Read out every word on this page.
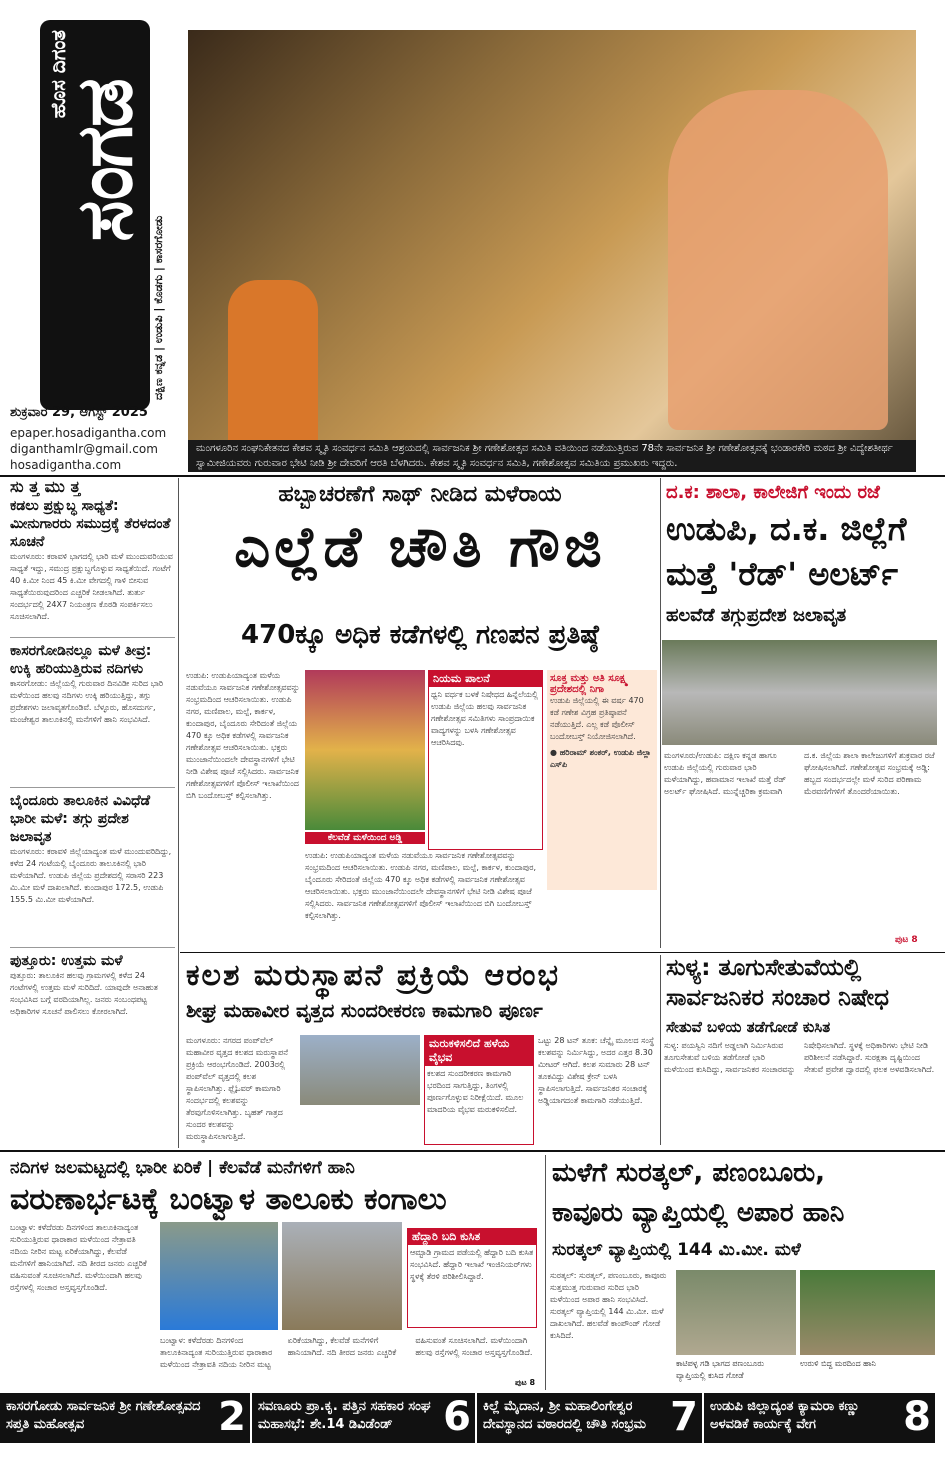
ಹೊಸ ದಿಗಂತ
ಸಂಗಡ
ದಕ್ಷಿಣ ಕನ್ನಡ | ಉಡುಪಿ | ಕೊಡಗು | ಕಾಸರಗೋಡು
ಶುಕ್ರವಾರ 29, ಆಗಸ್ಟ್ 2025
epaper.hosadigantha.com
diganthamlr@gmail.com
hosadigantha.com
ಮಂಗಳೂರಿನ ಸಂಘನಿಕೇತನದ ಕೇಶವ ಸ್ಮೃತಿ ಸಂವರ್ಧನ ಸಮಿತಿ ಆಶ್ರಯದಲ್ಲಿ ಸಾರ್ವಜನಿಕ ಶ್ರೀ ಗಣೇಶೋತ್ಸವ ಸಮಿತಿ ವತಿಯಿಂದ ನಡೆಯುತ್ತಿರುವ 78ನೇ ಸಾರ್ವಜನಿಕ ಶ್ರೀ ಗಣೇಶೋತ್ಸವಕ್ಕೆ ಭಂಡಾರಕೇರಿ ಮಠದ ಶ್ರೀ ವಿದ್ಯೇಶತೀರ್ಥ ಸ್ವಾಮೀಜಿಯವರು ಗುರುವಾರ ಭೇಟಿ ನೀಡಿ ಶ್ರೀ ದೇವರಿಗೆ ಆರತಿ ಬೆಳಗಿದರು. ಕೇಶವ ಸ್ಮೃತಿ ಸಂವರ್ಧನ ಸಮಿತಿ, ಗಣೇಶೋತ್ಸವ ಸಮಿತಿಯ ಪ್ರಮುಖರು ಇದ್ದರು.
ಸು ತ್ತ ಮು ತ್ತ
ಕಡಲು ಪ್ರಕ್ಷುಬ್ಧ ಸಾಧ್ಯತೆ: ಮೀನುಗಾರರು ಸಮುದ್ರಕ್ಕೆ ತೆರಳದಂತೆ ಸೂಚನೆ
ಮಂಗಳೂರು: ಕರಾವಳಿ ಭಾಗದಲ್ಲಿ ಭಾರಿ ಮಳೆ ಮುಂದುವರಿಯುವ ಸಾಧ್ಯತೆ ಇದ್ದು, ಸಮುದ್ರ ಪ್ರಕ್ಷುಬ್ಧಗೊಳ್ಳುವ ಸಾಧ್ಯತೆಯಿದೆ. ಗಂಟೆಗೆ 40 ಕಿ.ಮೀ ನಿಂದ 45 ಕಿ.ಮೀ ವೇಗದಲ್ಲಿ ಗಾಳಿ ಬೀಸುವ ಸಾಧ್ಯತೆಯಿರುವುದರಿಂದ ಎಚ್ಚರಿಕೆ ನೀಡಲಾಗಿದೆ. ತುರ್ತು ಸಂದರ್ಭದಲ್ಲಿ 24X7 ನಿಯಂತ್ರಣ ಕೊಠಡಿ ಸಂಪರ್ಕಿಸಲು ಸೂಚಿಸಲಾಗಿದೆ.
ಕಾಸರಗೋಡಿನಲ್ಲೂ ಮಳೆ ತೀವ್ರ: ಉಕ್ಕಿ ಹರಿಯುತ್ತಿರುವ ನದಿಗಳು
ಕಾಸರಗೋಡು: ಜಿಲ್ಲೆಯಲ್ಲಿ ಗುರುವಾರ ದಿನವಿಡೀ ಸುರಿದ ಭಾರಿ ಮಳೆಯಿಂದ ಹಲವು ನದಿಗಳು ಉಕ್ಕಿ ಹರಿಯುತ್ತಿದ್ದು, ತಗ್ಗು ಪ್ರದೇಶಗಳು ಜಲಾವೃತಗೊಂಡಿವೆ. ಬೆಳ್ಳೂರು, ಹೊಸದುರ್ಗ, ಮಂಜೇಶ್ವರ ತಾಲೂಕಿನಲ್ಲಿ ಮನೆಗಳಿಗೆ ಹಾನಿ ಸಂಭವಿಸಿದೆ.
ಬೈಂದೂರು ತಾಲೂಕಿನ ವಿವಿಧೆಡೆ ಭಾರೀ ಮಳೆ: ತಗ್ಗು ಪ್ರದೇಶ ಜಲಾವೃತ
ಮಂಗಳೂರು: ಕರಾವಳಿ ಜಿಲ್ಲೆಯಾದ್ಯಂತ ಮಳೆ ಮುಂದುವರಿದಿದ್ದು, ಕಳೆದ 24 ಗಂಟೆಯಲ್ಲಿ ಬೈಂದೂರು ತಾಲೂಕಿನಲ್ಲಿ ಭಾರಿ ಮಳೆಯಾಗಿದೆ. ಉಡುಪಿ ಜಿಲ್ಲೆಯ ಪ್ರದೇಶದಲ್ಲಿ ಸರಾಸರಿ 223 ಮಿ.ಮೀ ಮಳೆ ದಾಖಲಾಗಿದೆ. ಕುಂದಾಪುರ 172.5, ಉಡುಪಿ 155.5 ಮಿ.ಮೀ ಮಳೆಯಾಗಿದೆ.
ಪುತ್ತೂರು: ಉತ್ತಮ ಮಳೆ
ಪುತ್ತೂರು: ತಾಲೂಕಿನ ಹಲವು ಗ್ರಾಮಗಳಲ್ಲಿ ಕಳೆದ 24 ಗಂಟೆಗಳಲ್ಲಿ ಉತ್ತಮ ಮಳೆ ಸುರಿದಿದೆ. ಯಾವುದೇ ಅನಾಹುತ ಸಂಭವಿಸಿದ ಬಗ್ಗೆ ವರದಿಯಾಗಿಲ್ಲ. ಜನರು ಸಂಬಂಧಪಟ್ಟ ಅಧಿಕಾರಿಗಳ ಸೂಚನೆ ಪಾಲಿಸಲು ಕೋರಲಾಗಿದೆ.
ಹಬ್ಬಾಚರಣೆಗೆ ಸಾಥ್ ನೀಡಿದ ಮಳೆರಾಯ
ಎಲ್ಲೆಡೆ ಚೌತಿ ಗೌಜಿ
470ಕ್ಕೂ ಅಧಿಕ ಕಡೆಗಳಲ್ಲಿ ಗಣಪನ ಪ್ರತಿಷ್ಠೆ
ಉಡುಪಿ: ಉಡುಪಿಯಾದ್ಯಂತ ಮಳೆಯ ನಡುವೆಯೂ ಸಾರ್ವಜನಿಕ ಗಣೇಶೋತ್ಸವವನ್ನು ಸಂಭ್ರಮದಿಂದ ಆಚರಿಸಲಾಯಿತು. ಉಡುಪಿ ನಗರ, ಮಣಿಪಾಲ, ಮಲ್ಪೆ, ಕಾರ್ಕಳ, ಕುಂದಾಪುರ, ಬೈಂದೂರು ಸೇರಿದಂತೆ ಜಿಲ್ಲೆಯ 470 ಕ್ಕೂ ಅಧಿಕ ಕಡೆಗಳಲ್ಲಿ ಸಾರ್ವಜನಿಕ ಗಣೇಶೋತ್ಸವ ಆಚರಿಸಲಾಯಿತು. ಭಕ್ತರು ಮುಂಜಾನೆಯಿಂದಲೇ ದೇವಸ್ಥಾನಗಳಿಗೆ ಭೇಟಿ ನೀಡಿ ವಿಶೇಷ ಪೂಜೆ ಸಲ್ಲಿಸಿದರು. ಸಾರ್ವಜನಿಕ ಗಣೇಶೋತ್ಸವಗಳಿಗೆ ಪೊಲೀಸ್ ಇಲಾಖೆಯಿಂದ ಬಿಗಿ ಬಂದೋಬಸ್ತ್ ಕಲ್ಪಿಸಲಾಗಿತ್ತು.
ಕೆಲವೆಡೆ ಮಳೆಯಿಂದ ಅಡ್ಡಿ
ನಿಯಮ ಪಾಲನೆ
ಧ್ವನಿ ವರ್ಧಕ ಬಳಕೆ ನಿಷೇಧದ ಹಿನ್ನೆಲೆಯಲ್ಲಿ ಉಡುಪಿ ಜಿಲ್ಲೆಯ ಹಲವು ಸಾರ್ವಜನಿಕ ಗಣೇಶೋತ್ಸವ ಸಮಿತಿಗಳು ಸಾಂಪ್ರದಾಯಿಕ ವಾದ್ಯಗಳನ್ನು ಬಳಸಿ ಗಣೇಶೋತ್ಸವ ಆಚರಿಸಿದವು.
ಸೂಕ್ತ ಮತ್ತು ಅತಿ ಸೂಕ್ಷ್ಮ ಪ್ರದೇಶದಲ್ಲಿ ನಿಗಾ
ಉಡುಪಿ ಜಿಲ್ಲೆಯಲ್ಲಿ ಈ ವರ್ಷ 470 ಕಡೆ ಗಣೇಶ ವಿಗ್ರಹ ಪ್ರತಿಷ್ಠಾಪನೆ ನಡೆಯುತ್ತಿದೆ. ಎಲ್ಲ ಕಡೆ ಪೊಲೀಸ್ ಬಂದೋಬಸ್ತ್ ನಿಯೋಜಿಸಲಾಗಿದೆ.
● ಹರಿರಾಮ್ ಶಂಕರ್, ಉಡುಪಿ ಜಿಲ್ಲಾ ಎಸ್‌ಪಿ
ಉಡುಪಿ: ಉಡುಪಿಯಾದ್ಯಂತ ಮಳೆಯ ನಡುವೆಯೂ ಸಾರ್ವಜನಿಕ ಗಣೇಶೋತ್ಸವವನ್ನು ಸಂಭ್ರಮದಿಂದ ಆಚರಿಸಲಾಯಿತು. ಉಡುಪಿ ನಗರ, ಮಣಿಪಾಲ, ಮಲ್ಪೆ, ಕಾರ್ಕಳ, ಕುಂದಾಪುರ, ಬೈಂದೂರು ಸೇರಿದಂತೆ ಜಿಲ್ಲೆಯ 470 ಕ್ಕೂ ಅಧಿಕ ಕಡೆಗಳಲ್ಲಿ ಸಾರ್ವಜನಿಕ ಗಣೇಶೋತ್ಸವ ಆಚರಿಸಲಾಯಿತು. ಭಕ್ತರು ಮುಂಜಾನೆಯಿಂದಲೇ ದೇವಸ್ಥಾನಗಳಿಗೆ ಭೇಟಿ ನೀಡಿ ವಿಶೇಷ ಪೂಜೆ ಸಲ್ಲಿಸಿದರು. ಸಾರ್ವಜನಿಕ ಗಣೇಶೋತ್ಸವಗಳಿಗೆ ಪೊಲೀಸ್ ಇಲಾಖೆಯಿಂದ ಬಿಗಿ ಬಂದೋಬಸ್ತ್ ಕಲ್ಪಿಸಲಾಗಿತ್ತು.
ದ.ಕ: ಶಾಲಾ, ಕಾಲೇಜಿಗೆ ಇಂದು ರಜೆ
ಉಡುಪಿ, ದ.ಕ. ಜಿಲ್ಲೆಗೆ
ಮತ್ತೆ 'ರೆಡ್' ಅಲರ್ಟ್
ಹಲವೆಡೆ ತಗ್ಗುಪ್ರದೇಶ ಜಲಾವೃತ
ಮಂಗಳೂರು/ಉಡುಪಿ: ದಕ್ಷಿಣ ಕನ್ನಡ ಹಾಗೂ ಉಡುಪಿ ಜಿಲ್ಲೆಯಲ್ಲಿ ಗುರುವಾರ ಭಾರಿ ಮಳೆಯಾಗಿದ್ದು, ಹವಾಮಾನ ಇಲಾಖೆ ಮತ್ತೆ ರೆಡ್ ಅಲರ್ಟ್ ಘೋಷಿಸಿದೆ. ಮುನ್ನೆಚ್ಚರಿಕಾ ಕ್ರಮವಾಗಿ ದ.ಕ. ಜಿಲ್ಲೆಯ ಶಾಲಾ ಕಾಲೇಜುಗಳಿಗೆ ಶುಕ್ರವಾರ ರಜೆ ಘೋಷಿಸಲಾಗಿದೆ. ಗಣೇಶೋತ್ಸವ ಸಂಭ್ರಮಕ್ಕೆ ಅಡ್ಡಿ: ಹಬ್ಬದ ಸಂದರ್ಭದಲ್ಲೇ ಮಳೆ ಸುರಿದ ಪರಿಣಾಮ ಮೆರವಣಿಗೆಗಳಿಗೆ ತೊಂದರೆಯಾಯಿತು.
ಪುಟ 8
ಕಲಶ ಮರುಸ್ಥಾಪನೆ ಪ್ರಕ್ರಿಯೆ ಆರಂಭ
ಶೀಘ್ರ ಮಹಾವೀರ ವೃತ್ತದ ಸುಂದರೀಕರಣ ಕಾಮಗಾರಿ ಪೂರ್ಣ
ಮಂಗಳೂರು: ನಗರದ ಪಂಪ್‌ವೆಲ್ ಮಹಾವೀರ ವೃತ್ತದ ಕಲಶದ ಮರುಸ್ಥಾಪನೆ ಪ್ರಕ್ರಿಯೆ ಆರಂಭಗೊಂಡಿದೆ. 2003ರಲ್ಲಿ ಪಂಪ್‌ವೆಲ್ ವೃತ್ತದಲ್ಲಿ ಕಲಶ ಸ್ಥಾಪಿಸಲಾಗಿತ್ತು. ಫ್ಲೈಓವರ್ ಕಾಮಗಾರಿ ಸಂದರ್ಭದಲ್ಲಿ ಕಲಶವನ್ನು ತೆರವುಗೊಳಿಸಲಾಗಿತ್ತು. ಬೃಹತ್ ಗಾತ್ರದ ಸುಂದರ ಕಲಶವನ್ನು ಮರುಸ್ಥಾಪಿಸಲಾಗುತ್ತಿದೆ.
ಮರುಕಳಿಸಲಿದೆ ಹಳೆಯ ವೈಭವ
ಕಲಶದ ಸುಂದರೀಕರಣ ಕಾಮಗಾರಿ ಭರದಿಂದ ಸಾಗುತ್ತಿದ್ದು, ತಿಂಗಳಲ್ಲಿ ಪೂರ್ಣಗೊಳ್ಳುವ ನಿರೀಕ್ಷೆಯಿದೆ. ಮೂಲ ಮಾದರಿಯ ವೈಭವ ಮರುಕಳಿಸಲಿದೆ.
ಒಟ್ಟು 28 ಟನ್ ತೂಕ: ಚೆನ್ನೈ ಮೂಲದ ಸಂಸ್ಥೆ ಕಲಶವನ್ನು ನಿರ್ಮಿಸಿದ್ದು, ಅದರ ಎತ್ತರ 8.30 ಮೀಟರ್ ಆಗಿದೆ. ಕಲಶ ಸುಮಾರು 28 ಟನ್ ತೂಕವಿದ್ದು ವಿಶೇಷ ಕ್ರೇನ್ ಬಳಸಿ ಸ್ಥಾಪಿಸಲಾಗುತ್ತಿದೆ. ಸಾರ್ವಜನಿಕರ ಸಂಚಾರಕ್ಕೆ ಅಡ್ಡಿಯಾಗದಂತೆ ಕಾಮಗಾರಿ ನಡೆಯುತ್ತಿದೆ.
ಸುಳ್ಯ: ತೂಗುಸೇತುವೆಯಲ್ಲಿ
ಸಾರ್ವಜನಿಕರ ಸಂಚಾರ ನಿಷೇಧ
ಸೇತುವೆ ಬಳಿಯ ತಡೆಗೋಡೆ ಕುಸಿತ
ಸುಳ್ಯ: ಪಯಸ್ವಿನಿ ನದಿಗೆ ಅಡ್ಡಲಾಗಿ ನಿರ್ಮಿಸಿರುವ ತೂಗುಸೇತುವೆ ಬಳಿಯ ತಡೆಗೋಡೆ ಭಾರಿ ಮಳೆಯಿಂದ ಕುಸಿದಿದ್ದು, ಸಾರ್ವಜನಿಕರ ಸಂಚಾರವನ್ನು ನಿಷೇಧಿಸಲಾಗಿದೆ. ಸ್ಥಳಕ್ಕೆ ಅಧಿಕಾರಿಗಳು ಭೇಟಿ ನೀಡಿ ಪರಿಶೀಲನೆ ನಡೆಸಿದ್ದಾರೆ. ಸುರಕ್ಷತಾ ದೃಷ್ಟಿಯಿಂದ ಸೇತುವೆ ಪ್ರವೇಶ ದ್ವಾರದಲ್ಲಿ ಫಲಕ ಅಳವಡಿಸಲಾಗಿದೆ.
ನದಿಗಳ ಜಲಮಟ್ಟದಲ್ಲಿ ಭಾರೀ ಏರಿಕೆ | ಕೆಲವೆಡೆ ಮನೆಗಳಿಗೆ ಹಾನಿ
ವರುಣಾರ್ಭಟಕ್ಕೆ ಬಂಟ್ವಾಳ ತಾಲೂಕು ಕಂಗಾಲು
ಬಂಟ್ವಾಳ: ಕಳೆದೆರಡು ದಿನಗಳಿಂದ ತಾಲೂಕಿನಾದ್ಯಂತ ಸುರಿಯುತ್ತಿರುವ ಧಾರಾಕಾರ ಮಳೆಯಿಂದ ನೇತ್ರಾವತಿ ನದಿಯ ನೀರಿನ ಮಟ್ಟ ಏರಿಕೆಯಾಗಿದ್ದು, ಕೆಲವೆಡೆ ಮನೆಗಳಿಗೆ ಹಾನಿಯಾಗಿದೆ. ನದಿ ತೀರದ ಜನರು ಎಚ್ಚರಿಕೆ ವಹಿಸುವಂತೆ ಸೂಚಿಸಲಾಗಿದೆ. ಮಳೆಯಿಂದಾಗಿ ಹಲವು ರಸ್ತೆಗಳಲ್ಲಿ ಸಂಚಾರ ಅಸ್ತವ್ಯಸ್ತಗೊಂಡಿದೆ.
ಹೆದ್ದಾರಿ ಬದಿ ಕುಸಿತ
ಆಮ್ಟಾಡಿ ಗ್ರಾಮದ ಪಡೆಯಲ್ಲಿ ಹೆದ್ದಾರಿ ಬದಿ ಕುಸಿತ ಸಂಭವಿಸಿದೆ. ಹೆದ್ದಾರಿ ಇಲಾಖೆ ಇಂಜಿನಿಯರ್‌ಗಳು ಸ್ಥಳಕ್ಕೆ ತೆರಳಿ ಪರಿಶೀಲಿಸಿದ್ದಾರೆ.
ಬಂಟ್ವಾಳ: ಕಳೆದೆರಡು ದಿನಗಳಿಂದ ತಾಲೂಕಿನಾದ್ಯಂತ ಸುರಿಯುತ್ತಿರುವ ಧಾರಾಕಾರ ಮಳೆಯಿಂದ ನೇತ್ರಾವತಿ ನದಿಯ ನೀರಿನ ಮಟ್ಟ ಏರಿಕೆಯಾಗಿದ್ದು, ಕೆಲವೆಡೆ ಮನೆಗಳಿಗೆ ಹಾನಿಯಾಗಿದೆ. ನದಿ ತೀರದ ಜನರು ಎಚ್ಚರಿಕೆ ವಹಿಸುವಂತೆ ಸೂಚಿಸಲಾಗಿದೆ. ಮಳೆಯಿಂದಾಗಿ ಹಲವು ರಸ್ತೆಗಳಲ್ಲಿ ಸಂಚಾರ ಅಸ್ತವ್ಯಸ್ತಗೊಂಡಿದೆ.
ಪುಟ 8
ಮಳೆಗೆ ಸುರತ್ಕಲ್, ಪಣಂಬೂರು,
ಕಾವೂರು ವ್ಯಾಪ್ತಿಯಲ್ಲಿ ಅಪಾರ ಹಾನಿ
ಸುರತ್ಕಲ್ ವ್ಯಾಪ್ತಿಯಲ್ಲಿ 144 ಮಿ.ಮೀ. ಮಳೆ
ಸುರತ್ಕಲ್: ಸುರತ್ಕಲ್, ಪಣಂಬೂರು, ಕಾವೂರು ಸುತ್ತಮುತ್ತ ಗುರುವಾರ ಸುರಿದ ಭಾರಿ ಮಳೆಯಿಂದ ಅಪಾರ ಹಾನಿ ಸಂಭವಿಸಿದೆ. ಸುರತ್ಕಲ್ ವ್ಯಾಪ್ತಿಯಲ್ಲಿ 144 ಮಿ.ಮೀ. ಮಳೆ ದಾಖಲಾಗಿದೆ. ಹಲವೆಡೆ ಕಾಂಪೌಂಡ್ ಗೋಡೆ ಕುಸಿದಿದೆ.
ಕಾಟಿಪಳ್ಳ ಗಡಿ ಭಾಗದ ಪಣಂಬೂರು ವ್ಯಾಪ್ತಿಯಲ್ಲಿ ಕುಸಿದ ಗೋಡೆ
ಉರುಳಿ ಬಿದ್ದ ಮರದಿಂದ ಹಾನಿ
ಕಾಸರಗೋಡು ಸಾರ್ವಜನಿಕ ಶ್ರೀ ಗಣೇಶೋತ್ಸವದ ಸಪ್ತತಿ ಮಹೋತ್ಸವ	2 ಸವಣೂರು ಪ್ರಾ.ಕೃ. ಪತ್ತಿನ ಸಹಕಾರ ಸಂಘ ಮಹಾಸಭೆ: ಶೇ.14 ಡಿವಿಡೆಂಡ್	6 ಕಿಲ್ಲೆ ಮೈದಾನ, ಶ್ರೀ ಮಹಾಲಿಂಗೇಶ್ವರ ದೇವಸ್ಥಾನದ ವಠಾರದಲ್ಲಿ ಚೌತಿ ಸಂಭ್ರಮ 7 ಉಡುಪಿ ಜಿಲ್ಲಾದ್ಯಂತ ಕ್ಯಾಮರಾ ಕಣ್ಣು ಅಳವಡಿಕೆ ಕಾರ್ಯಕ್ಕೆ ವೇಗ	8
